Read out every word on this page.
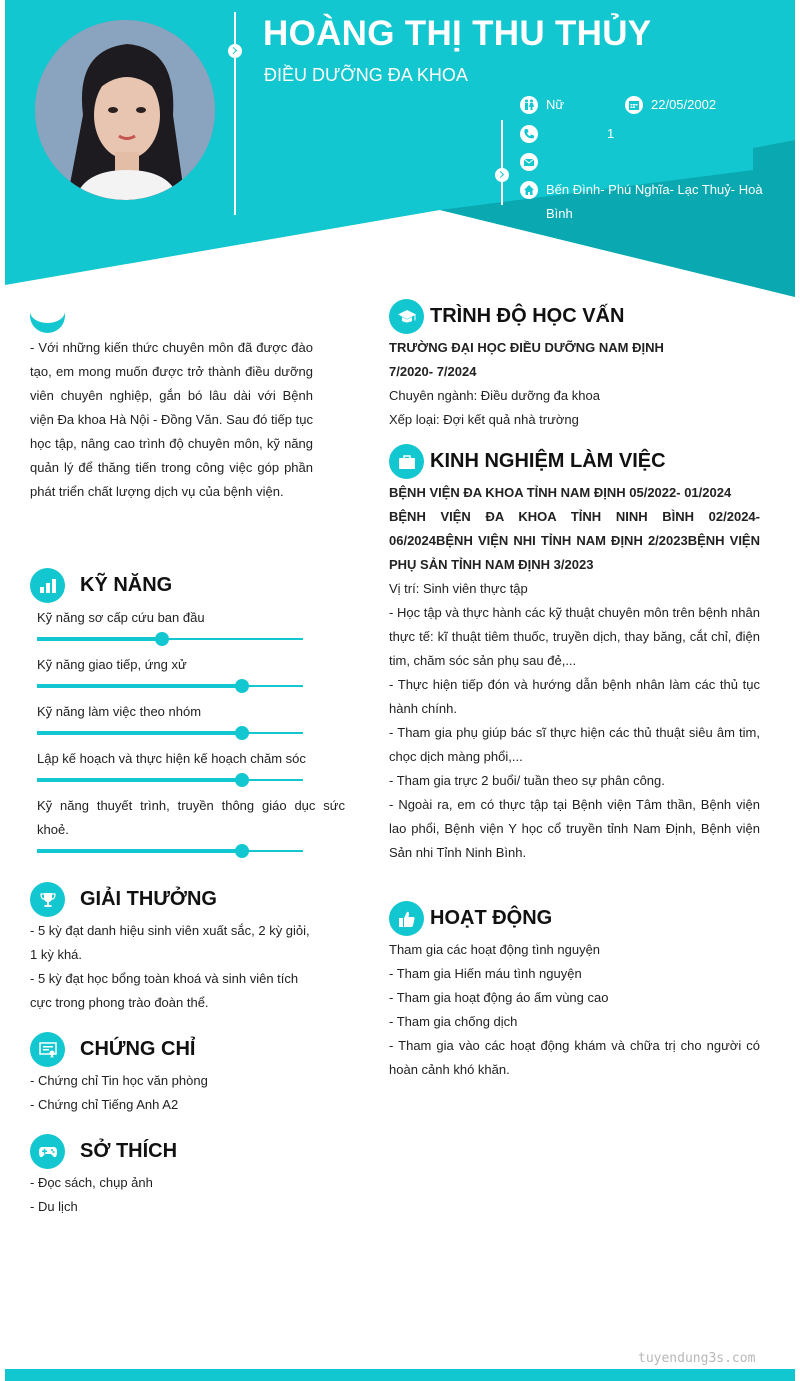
HOÀNG THỊ THU THỦY
ĐIỀU DƯỠNG ĐA KHOA
Nữ	22/05/2002
1
Bến Đình- Phú Nghĩa- Lạc Thuỷ- Hoà Bình
- Với những kiến thức chuyên môn đã được đào tạo, em mong muốn được trở thành điều dưỡng viên chuyên nghiệp, gắn bó lâu dài với Bệnh viện Đa khoa Hà Nội - Đồng Văn. Sau đó tiếp tục học tập, nâng cao trình độ chuyên môn, kỹ năng quản lý để thăng tiến trong công việc góp phần phát triển chất lượng dịch vụ của bệnh viện.
KỸ NĂNG
Kỹ năng sơ cấp cứu ban đầu
Kỹ năng giao tiếp, ứng xử
Kỹ năng làm việc theo nhóm
Lập kế hoạch và thực hiện kế hoạch chăm sóc
Kỹ năng thuyết trình, truyền thông giáo dục sức khoẻ.
GIẢI THƯỞNG
- 5 kỳ đạt danh hiệu sinh viên xuất sắc, 2 kỳ giỏi, 1 kỳ khá.
- 5 kỳ đạt học bổng toàn khoá và sinh viên tích cực trong phong trào đoàn thể.
CHỨNG CHỈ
- Chứng chỉ Tin học văn phòng
- Chứng chỉ Tiếng Anh A2
SỞ THÍCH
- Đọc sách, chụp ảnh
- Du lịch
TRÌNH ĐỘ HỌC VẤN
TRƯỜNG ĐẠI HỌC ĐIỀU DƯỠNG NAM ĐỊNH
7/2020- 7/2024
Chuyên ngành: Điều dưỡng đa khoa
Xếp loại: Đợi kết quả nhà trường
KINH NGHIỆM LÀM VIỆC
BỆNH VIỆN ĐA KHOA TỈNH NAM ĐỊNH 05/2022- 01/2024
BỆNH VIỆN ĐA KHOA TỈNH NINH BÌNH 02/2024- 06/2024BỆNH VIỆN NHI TỈNH NAM ĐỊNH 2/2023BỆNH VIỆN PHỤ SẢN TỈNH NAM ĐỊNH 3/2023
Vị trí: Sinh viên thực tập
- Học tập và thực hành các kỹ thuật chuyên môn trên bệnh nhân thực tế: kĩ thuật tiêm thuốc, truyền dịch, thay băng, cắt chỉ, điện tim, chăm sóc sản phụ sau đẻ,...
- Thực hiện tiếp đón và hướng dẫn bệnh nhân làm các thủ tục hành chính.
- Tham gia phụ giúp bác sĩ thực hiện các thủ thuật siêu âm tim, chọc dịch màng phổi,...
- Tham gia trực 2 buổi/ tuần theo sự phân công.
- Ngoài ra, em có thực tập tại Bệnh viện Tâm thần, Bệnh viện lao phổi, Bệnh viện Y học cổ truyền tỉnh Nam Định, Bệnh viện Sản nhi Tỉnh Ninh Bình.
HOẠT ĐỘNG
Tham gia các hoạt động tình nguyện
- Tham gia Hiến máu tình nguyện
- Tham gia hoạt động áo ấm vùng cao
- Tham gia chống dịch
- Tham gia vào các hoạt động khám và chữa trị cho người có hoàn cảnh khó khăn.
tuyendung3s.com
